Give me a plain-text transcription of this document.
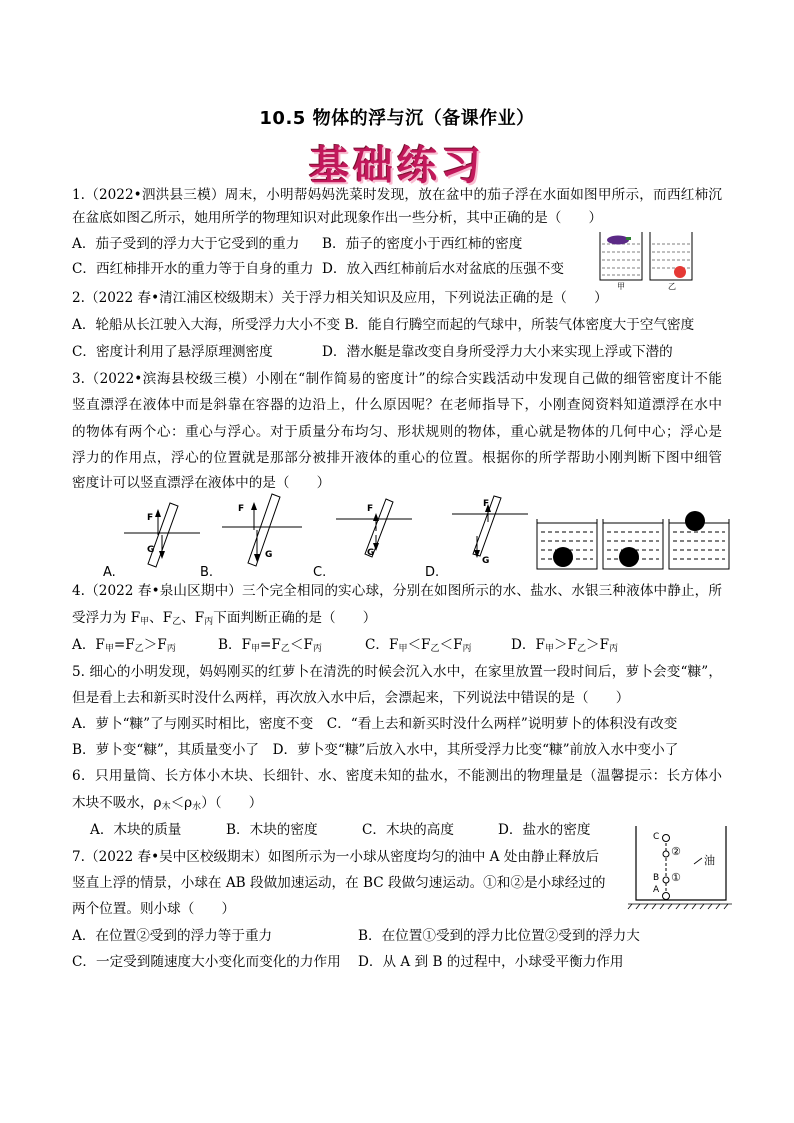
10.5 物体的浮与沉（备课作业）
基础练习
1.（2022•泗洪县三模）周末，小明帮妈妈洗菜时发现，放在盆中的茄子浮在水面如图甲所示，而西红柿沉
在盆底如图乙所示，她用所学的物理知识对此现象作出一些分析，其中正确的是（　　）
A．茄子受到的浮力大于它受到的重力 B．茄子的密度小于西红柿的密度
C．西红柿排开水的重力等于自身的重力 D．放入西红柿前后水对盆底的压强不变
甲	乙
2.（2022 春•清江浦区校级期末）关于浮力相关知识及应用，下列说法正确的是（　　）
A．轮船从长江驶入大海，所受浮力大小不变 B．能自行腾空而起的气球中，所装气体密度大于空气密度
C．密度计利用了悬浮原理测密度	D．潜水艇是靠改变自身所受浮力大小来实现上浮或下潜的
3.（2022•滨海县校级三模）小刚在“制作简易的密度计”的综合实践活动中发现自己做的细管密度计不能
竖直漂浮在液体中而是斜靠在容器的边沿上，什么原因呢？在老师指导下，小刚查阅资料知道漂浮在水中
的物体有两个心：重心与浮心。对于质量分布均匀、形状规则的物体，重心就是物体的几何中心；浮心是
浮力的作用点，浮心的位置就是那部分被排开液体的重心的位置。根据你的所学帮助小刚判断下图中细管
密度计可以竖直漂浮在液体中的是（　　）
F
G
A.
F
G
B.
F
G
C.
F
G
D.
4.（2022 春•泉山区期中）三个完全相同的实心球，分别在如图所示的水、盐水、水银三种液体中静止，所
受浮力为 $F_甲$、$F_乙$、$F_丙$下面判断正确的是（　　）
A．$F_甲=F_乙>F_丙$	B．$F_甲=F_乙<F_丙$	C．$F_甲<F_乙<F_丙$	D．$F_甲>F_乙>F_丙$
5. 细心的小明发现，妈妈刚买的红萝卜在清洗的时候会沉入水中，在家里放置一段时间后，萝卜会变“糠”，
但是看上去和新买时没什么两样，再次放入水中后，会漂起来，下列说法中错误的是（　　）
A．萝卜“糠”了与刚买时相比，密度不变　C．“看上去和新买时没什么两样”说明萝卜的体积没有改变
B．萝卜变“糠”，其质量变小了　D．萝卜变“糠”后放入水中，其所受浮力比变“糠”前放入水中变小了
6．只用量筒、长方体小木块、长细针、水、密度未知的盐水，不能测出的物理量是（温馨提示：长方体小
木块不吸水，$\rho_木<\rho_水$）（　　）
A．木块的质量	B．木块的密度	C．木块的高度	D．盐水的密度	C
B
A
②
①
油
7.（2022 春•吴中区校级期末）如图所示为一小球从密度均匀的油中 A 处由静止释放后
竖直上浮的情景，小球在 AB 段做加速运动，在 BC 段做匀速运动。①和②是小球经过的
两个位置。则小球（　　）
A．在位置②受到的浮力等于重力	B．在位置①受到的浮力比位置②受到的浮力大
C．一定受到随速度大小变化而变化的力作用 D．从 A 到 B 的过程中，小球受平衡力作用
